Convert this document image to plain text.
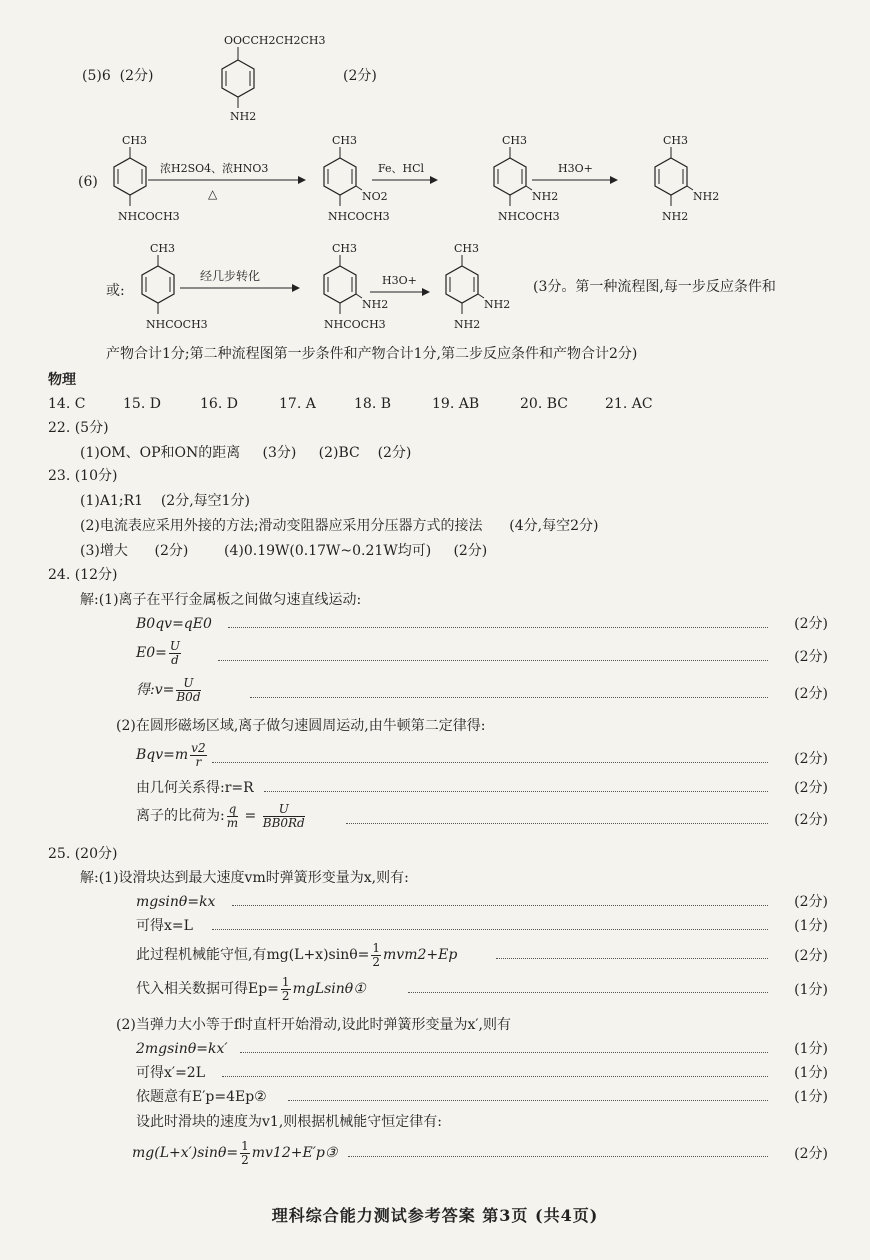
(5)6 (2分)
OOCCH2CH2CH3
NH2
(2分)
(6)
CH3
NHCOCH3
浓H2SO4、浓HNO3
△
CH3
NO2
NHCOCH3
Fe、HCl
CH3
NH2
NHCOCH3
H3O+
CH3
NH2
NH2
或:
CH3
NHCOCH3
经几步转化
CH3
NH2
NHCOCH3
H3O+
CH3
NH2
NH2
(3分。第一种流程图,每一步反应条件和
产物合计1分;第二种流程图第一步条件和产物合计1分,第二步反应条件和产物合计2分)
物理
14. C	15. D	16. D	17. A	18. B	19. AB	20. BC	21. AC
22. (5分)
(1)OM、OP和ON的距离 (3分) (2)BC (2分)
23. (10分)
(1)A1;R1 (2分,每空1分)
(2)电流表应采用外接的方法;滑动变阻器应采用分压器方式的接法 (4分,每空2分)
(3)增大 (2分)	(4)0.19W(0.17W~0.21W均可) (2分)
24. (12分)
解:(1)离子在平行金属板之间做匀速直线运动:
B0qv=qE0	(2分)
$E0= \frac{U}{d}$	(2分)
得:v= $\frac{U}{B0d}$	(2分)
(2)在圆形磁场区域,离子做匀速圆周运动,由牛顿第二定律得:
$Bqv=m \frac{v2}{r}$	(2分)
由几何关系得:r=R	(2分)
离子的比荷为: $\frac{q}{m} = \frac{U}{BB0Rd}$	(2分)
25. (20分)
解:(1)设滑块达到最大速度vm时弹簧形变量为x,则有:
mgsinθ=kx	(2分)
可得x=L	(1分)
此过程机械能守恒,有$mg(L+x)\sin\theta= \frac{1}{2} mvm2+Ep$	(2分)
代入相关数据可得$Ep= \frac{1}{2}$ mgLsinθ①	(1分)
(2)当弹力大小等于f时直杆开始滑动,设此时弹簧形变量为x′,则有
2mgsinθ=kx′	(1分)
可得x′=2L	(1分)
依题意有E′p=4Ep②	(1分)
设此时滑块的速度为v1,则根据机械能守恒定律有:
$mg(L+x')\sin\theta= \frac{1}{2}$ mv12+E′p③	(2分)
理科综合能力测试参考答案 第3页 (共4页)
